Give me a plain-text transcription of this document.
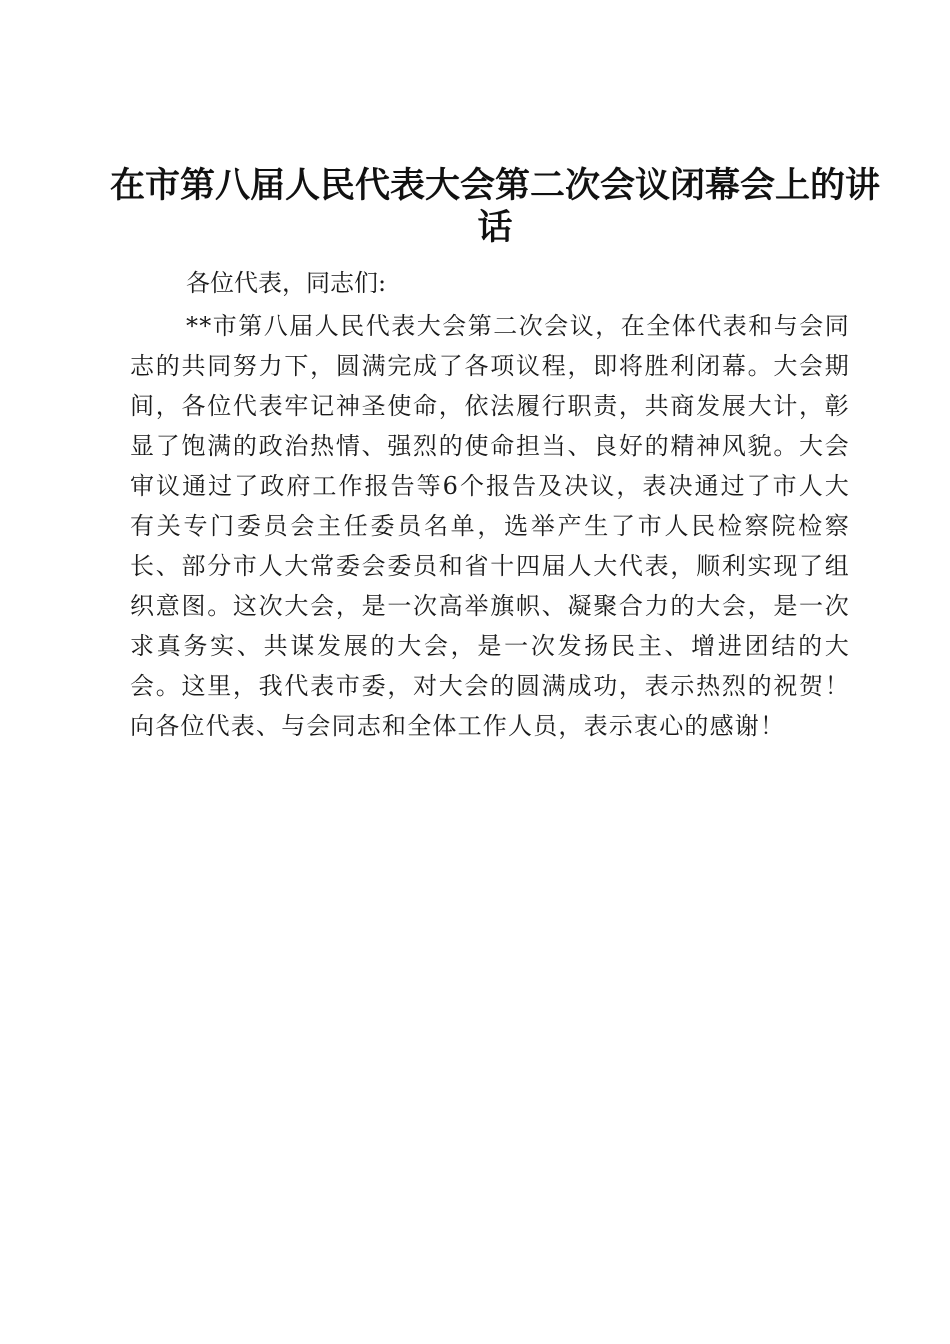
在市第八届人民代表大会第二次会议闭幕会上的讲话

各位代表，同志们:

**市第八届人民代表大会第二次会议，在全体代表和与会同志的共同努力下，圆满完成了各项议程，即将胜利闭幕。大会期间，各位代表牢记神圣使命，依法履行职责，共商发展大计，彰显了饱满的政治热情、强烈的使命担当、良好的精神风貌。大会审议通过了政府工作报告等6个报告及决议，表决通过了市人大有关专门委员会主任委员名单，选举产生了市人民检察院检察长、部分市人大常委会委员和省十四届人大代表，顺利实现了组织意图。这次大会，是一次高举旗帜、凝聚合力的大会，是一次求真务实、共谋发展的大会，是一次发扬民主、增进团结的大会。这里，我代表市委，对大会的圆满成功，表示热烈的祝贺！向各位代表、与会同志和全体工作人员，表示衷心的感谢！
